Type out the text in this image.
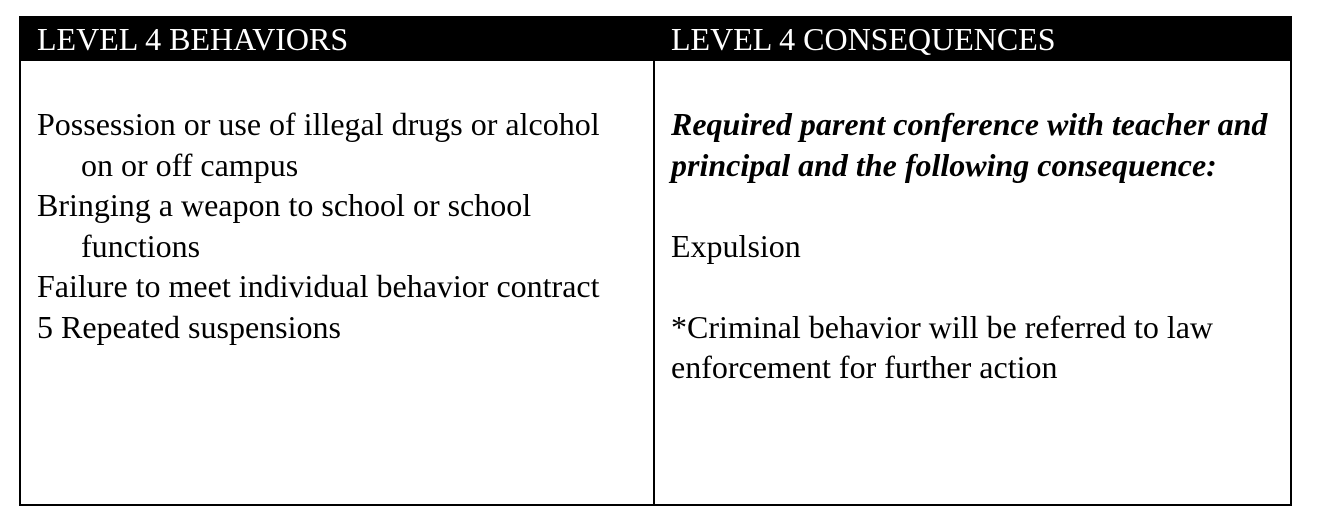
LEVEL 4 BEHAVIORS	LEVEL 4 CONSEQUENCES
Possession or use of illegal drugs or alcohol on or off campus
Bringing a weapon to school or school functions
Failure to meet individual behavior contract
5 Repeated suspensions
Required parent conference with teacher and principal and the following consequence:
Expulsion
*Criminal behavior will be referred to law enforcement for further action
